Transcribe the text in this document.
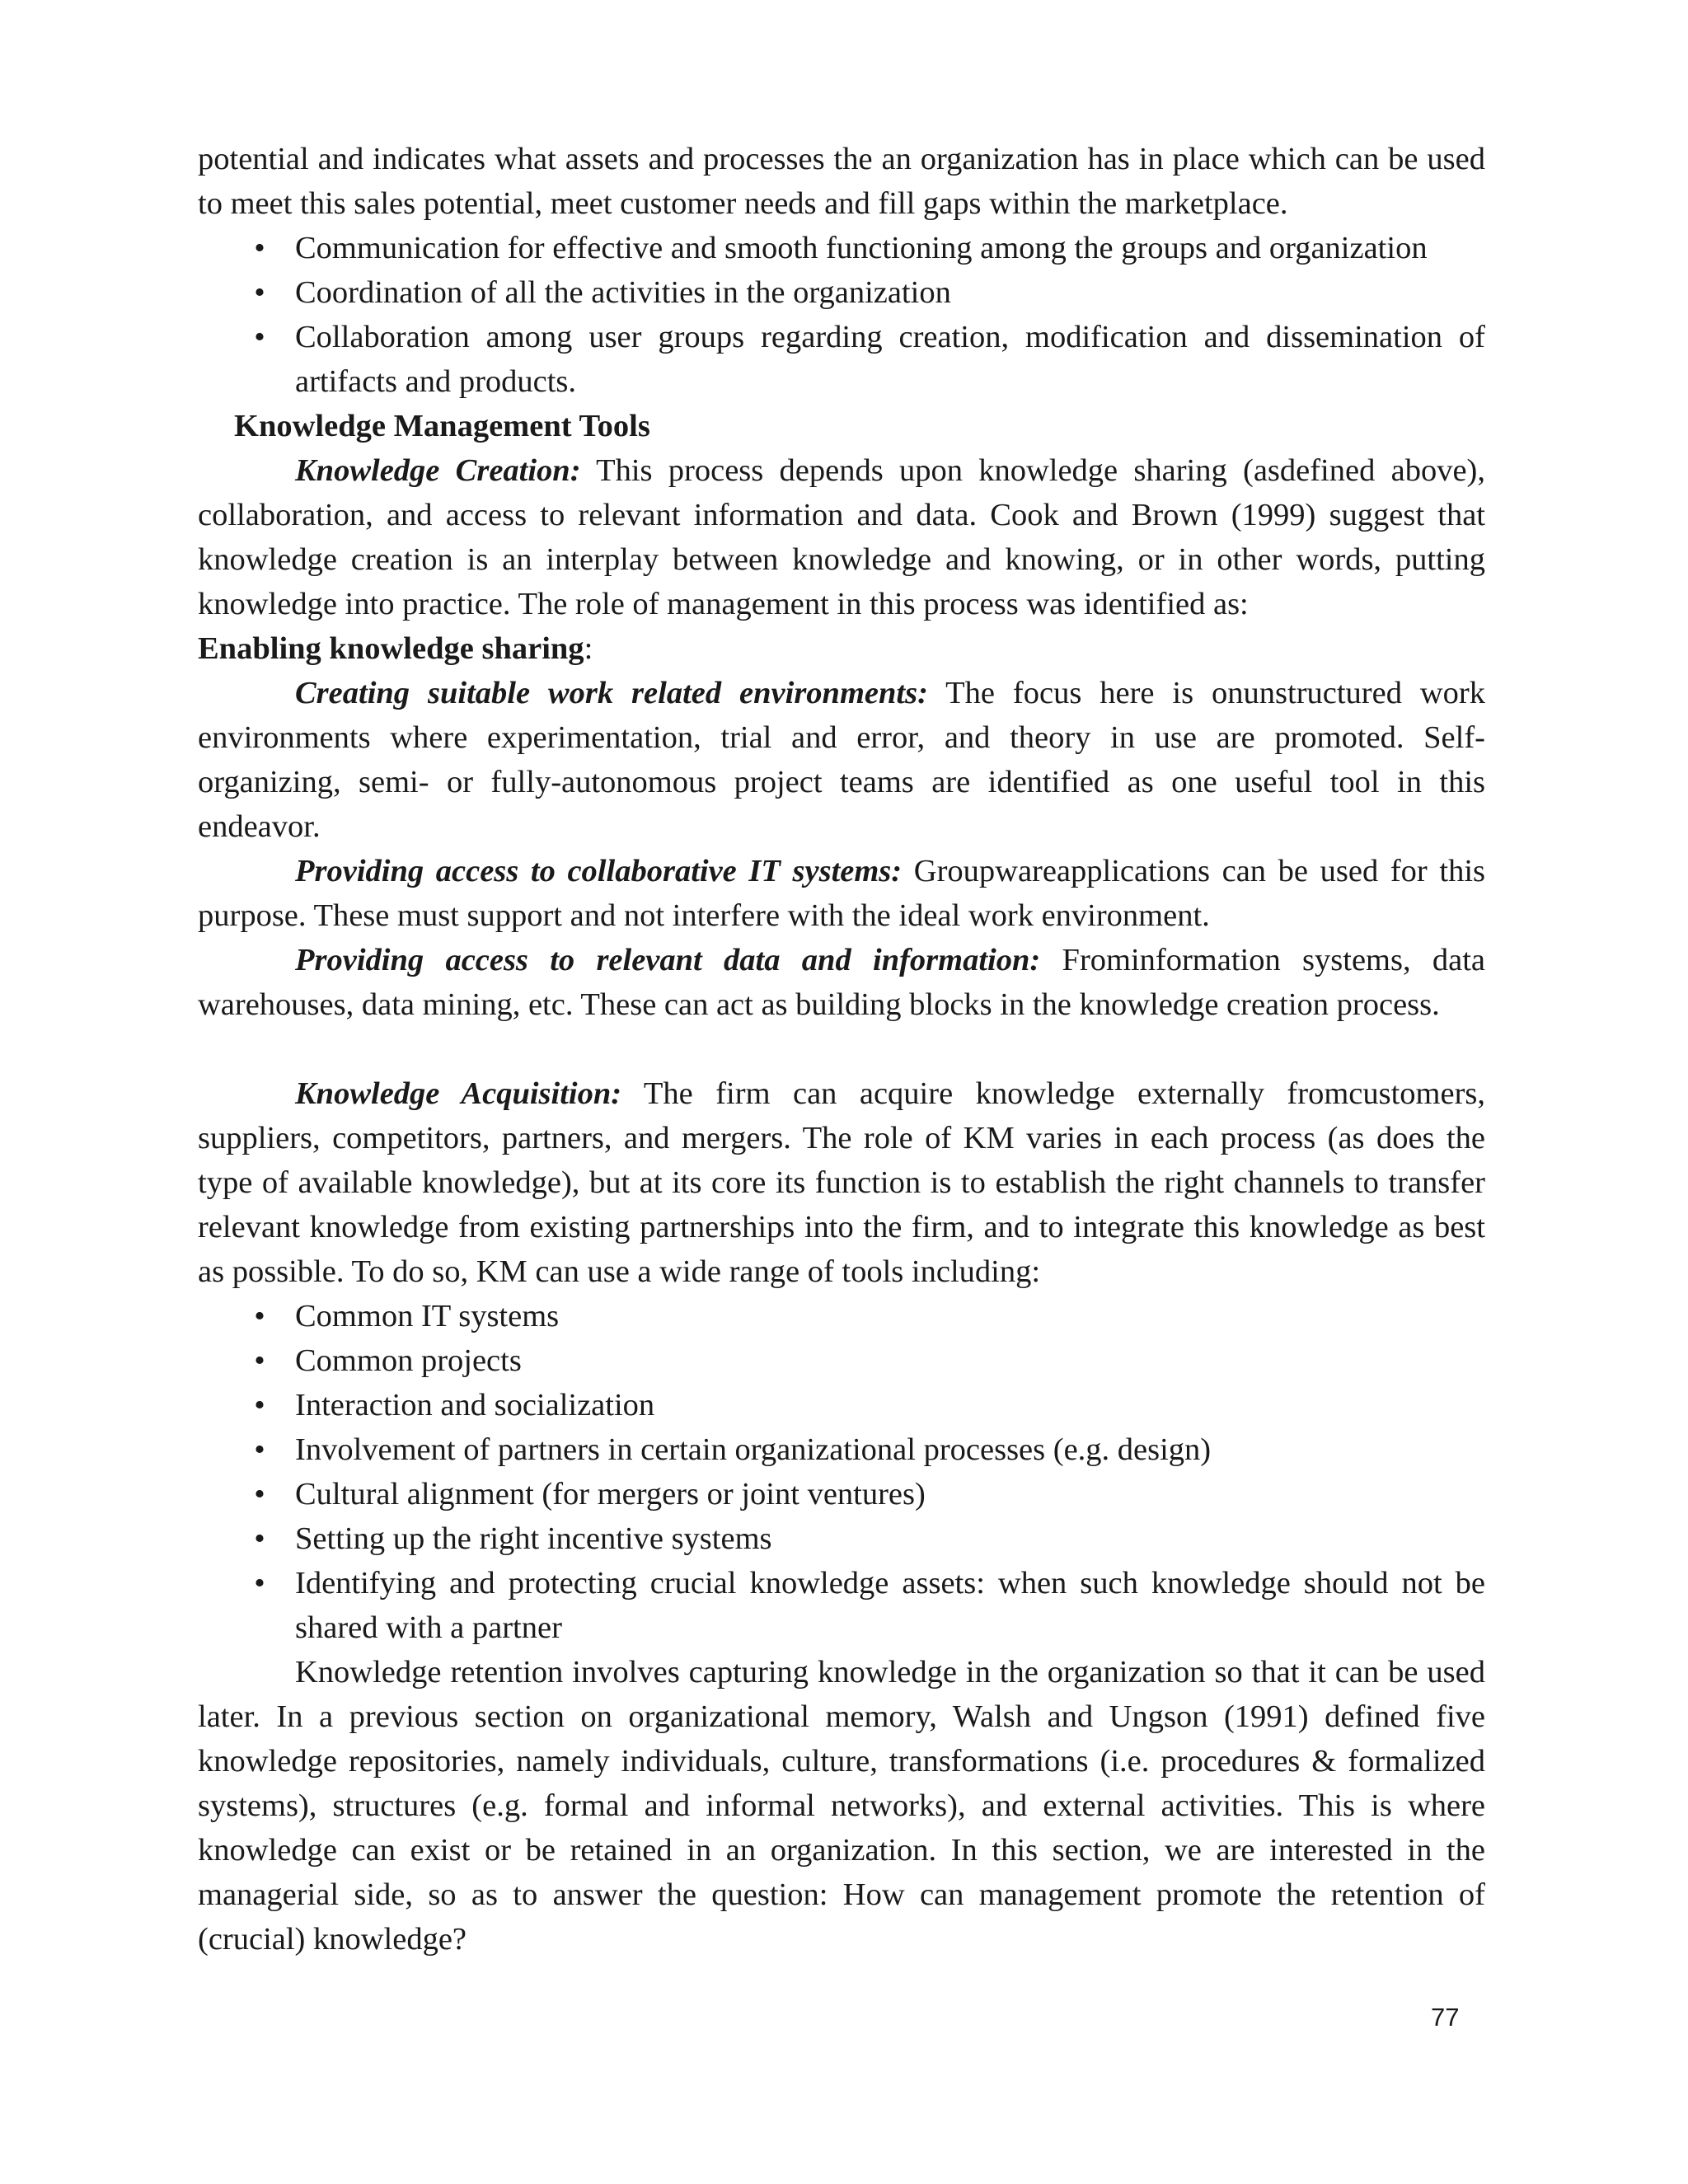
potential and indicates what assets and processes the an organization has in place which can be used to meet this sales potential, meet customer needs and fill gaps within the marketplace.

• Communication for effective and smooth functioning among the groups and organization
• Coordination of all the activities in the organization
• Collaboration among user groups regarding creation, modification and dissemination of artifacts and products.

Knowledge Management Tools

Knowledge Creation: This process depends upon knowledge sharing (asdefined above), collaboration, and access to relevant information and data. Cook and Brown (1999) suggest that knowledge creation is an interplay between knowledge and knowing, or in other words, putting knowledge into practice. The role of management in this process was identified as:

Enabling knowledge sharing:

Creating suitable work related environments: The focus here is onunstructured work environments where experimentation, trial and error, and theory in use are promoted. Self-organizing, semi- or fully-autonomous project teams are identified as one useful tool in this endeavor.

Providing access to collaborative IT systems: Groupwareapplications can be used for this purpose. These must support and not interfere with the ideal work environment.

Providing access to relevant data and information: Frominformation systems, data warehouses, data mining, etc. These can act as building blocks in the knowledge creation process.

Knowledge Acquisition: The firm can acquire knowledge externally fromcustomers, suppliers, competitors, partners, and mergers. The role of KM varies in each process (as does the type of available knowledge), but at its core its function is to establish the right channels to transfer relevant knowledge from existing partnerships into the firm, and to integrate this knowledge as best as possible. To do so, KM can use a wide range of tools including:

• Common IT systems
• Common projects
• Interaction and socialization
• Involvement of partners in certain organizational processes (e.g. design)
• Cultural alignment (for mergers or joint ventures)
• Setting up the right incentive systems
• Identifying and protecting crucial knowledge assets: when such knowledge should not be shared with a partner

Knowledge retention involves capturing knowledge in the organization so that it can be used later. In a previous section on organizational memory, Walsh and Ungson (1991) defined five knowledge repositories, namely individuals, culture, transformations (i.e. procedures & formalized systems), structures (e.g. formal and informal networks), and external activities. This is where knowledge can exist or be retained in an organization. In this section, we are interested in the managerial side, so as to answer the question: How can management promote the retention of (crucial) knowledge?

77
